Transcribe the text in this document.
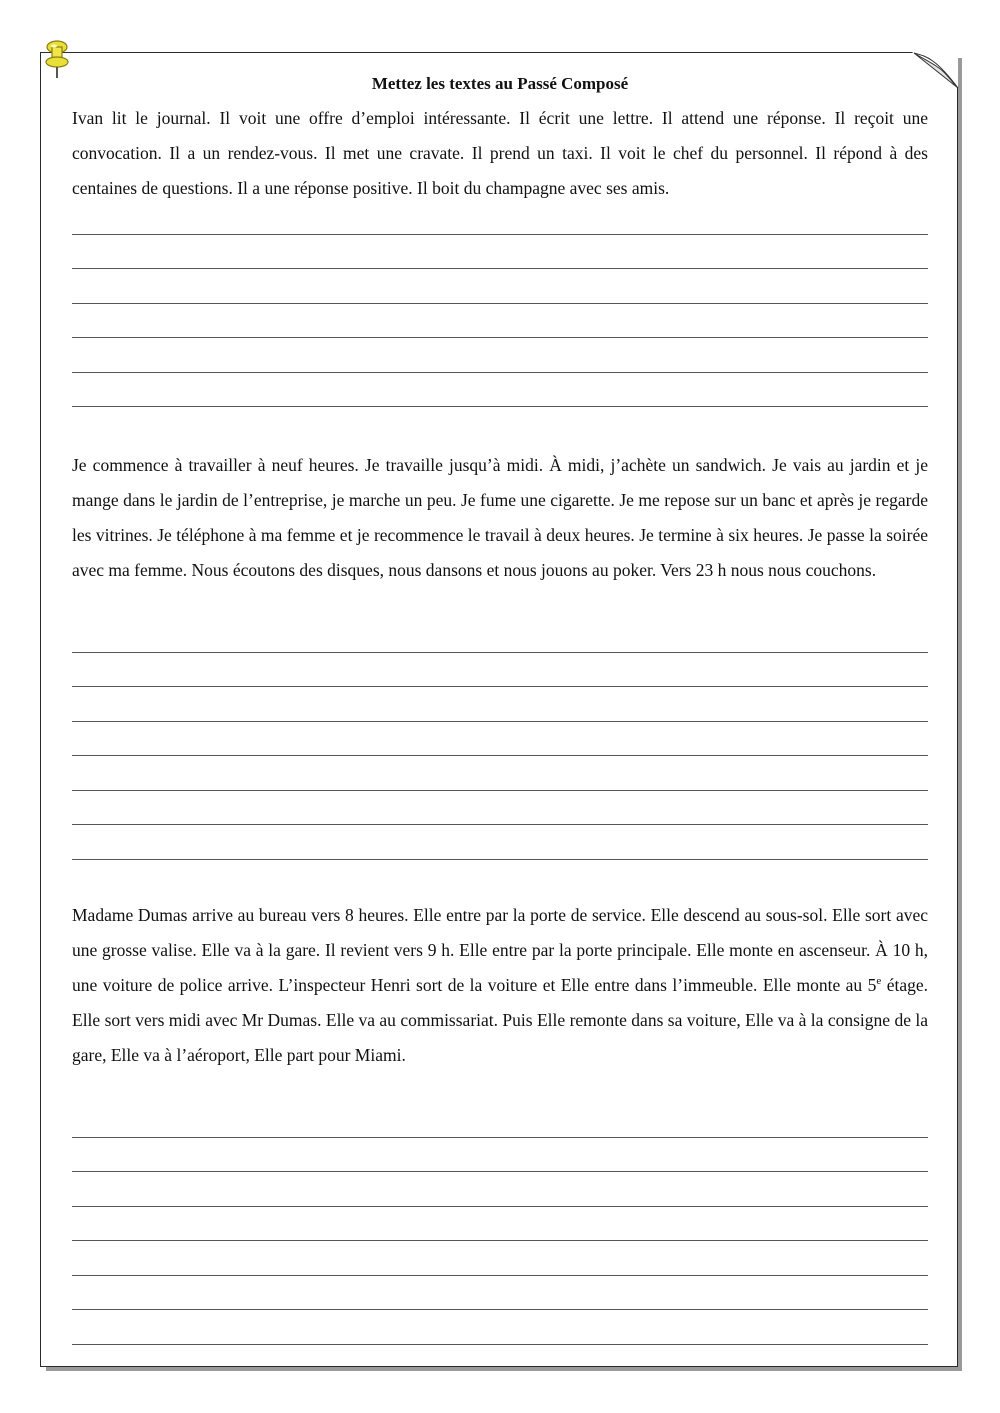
Mettez les textes au Passé Composé

Ivan lit le journal. Il voit une offre d’emploi intéressante. Il écrit une lettre. Il attend une réponse. Il reçoit une convocation. Il a un rendez-vous. Il met une cravate. Il prend un taxi. Il voit le chef du personnel. Il répond à des centaines de questions. Il a une réponse positive. Il boit du champagne avec ses amis.

Je commence à travailler à neuf heures. Je travaille jusqu’à midi. À midi, j’achète un sandwich. Je vais au jardin et je mange dans le jardin de l’entreprise, je marche un peu. Je fume une cigarette. Je me repose sur un banc et après je regarde les vitrines. Je téléphone à ma femme et je recommence le travail à deux heures. Je termine à six heures. Je passe la soirée avec ma femme. Nous écoutons des disques, nous dansons et nous jouons au poker. Vers 23 h nous nous couchons.

Madame Dumas arrive au bureau vers 8 heures. Elle entre par la porte de service. Elle descend au sous-sol. Elle sort avec une grosse valise. Elle va à la gare. Il revient vers 9 h. Elle entre par la porte principale. Elle monte en ascenseur. À 10 h, une voiture de police arrive. L’inspecteur Henri sort de la voiture et Elle entre dans l’immeuble. Elle monte au 5e étage. Elle sort vers midi avec Mr Dumas. Elle va au commissariat. Puis Elle remonte dans sa voiture, Elle va à la consigne de la gare, Elle va à l’aéroport, Elle part pour Miami.
